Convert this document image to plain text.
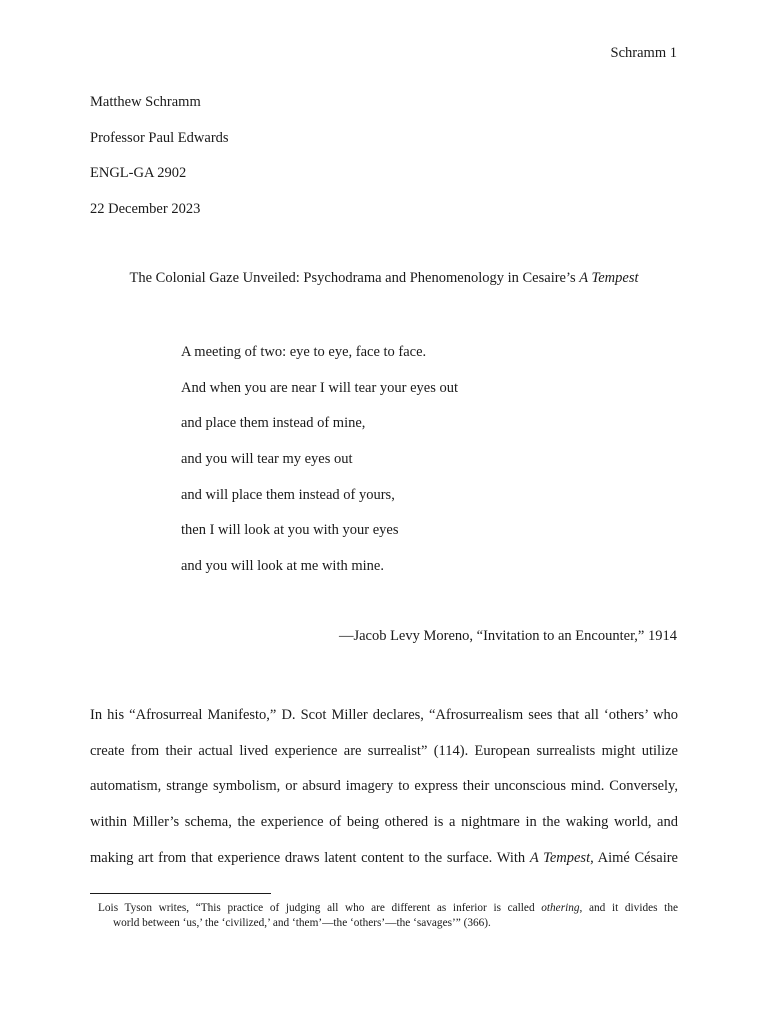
Schramm 1
Matthew Schramm
Professor Paul Edwards
ENGL-GA 2902
22 December 2023
The Colonial Gaze Unveiled: Psychodrama and Phenomenology in Cesaire’s A Tempest
A meeting of two: eye to eye, face to face.
And when you are near I will tear your eyes out
and place them instead of mine,
and you will tear my eyes out
and will place them instead of yours,
then I will look at you with your eyes
and you will look at me with mine.
—Jacob Levy Moreno, “Invitation to an Encounter,” 1914
In his “Afrosurreal Manifesto,” D. Scot Miller declares, “Afrosurrealism sees that all ‘others’ who
create from their actual lived experience are surrealist” (114). European surrealists might utilize
automatism, strange symbolism, or absurd imagery to express their unconscious mind. Conversely,
within Miller’s schema, the experience of being othered is a nightmare in the waking world, and
making art from that experience draws latent content to the surface. With A Tempest, Aimé Césaire
Lois Tyson writes, “This practice of judging all who are different as inferior is called othering, and it divides the
world between ‘us,’ the ‘civilized,’ and ‘them’—the ‘others’—the ‘savages’” (366).
